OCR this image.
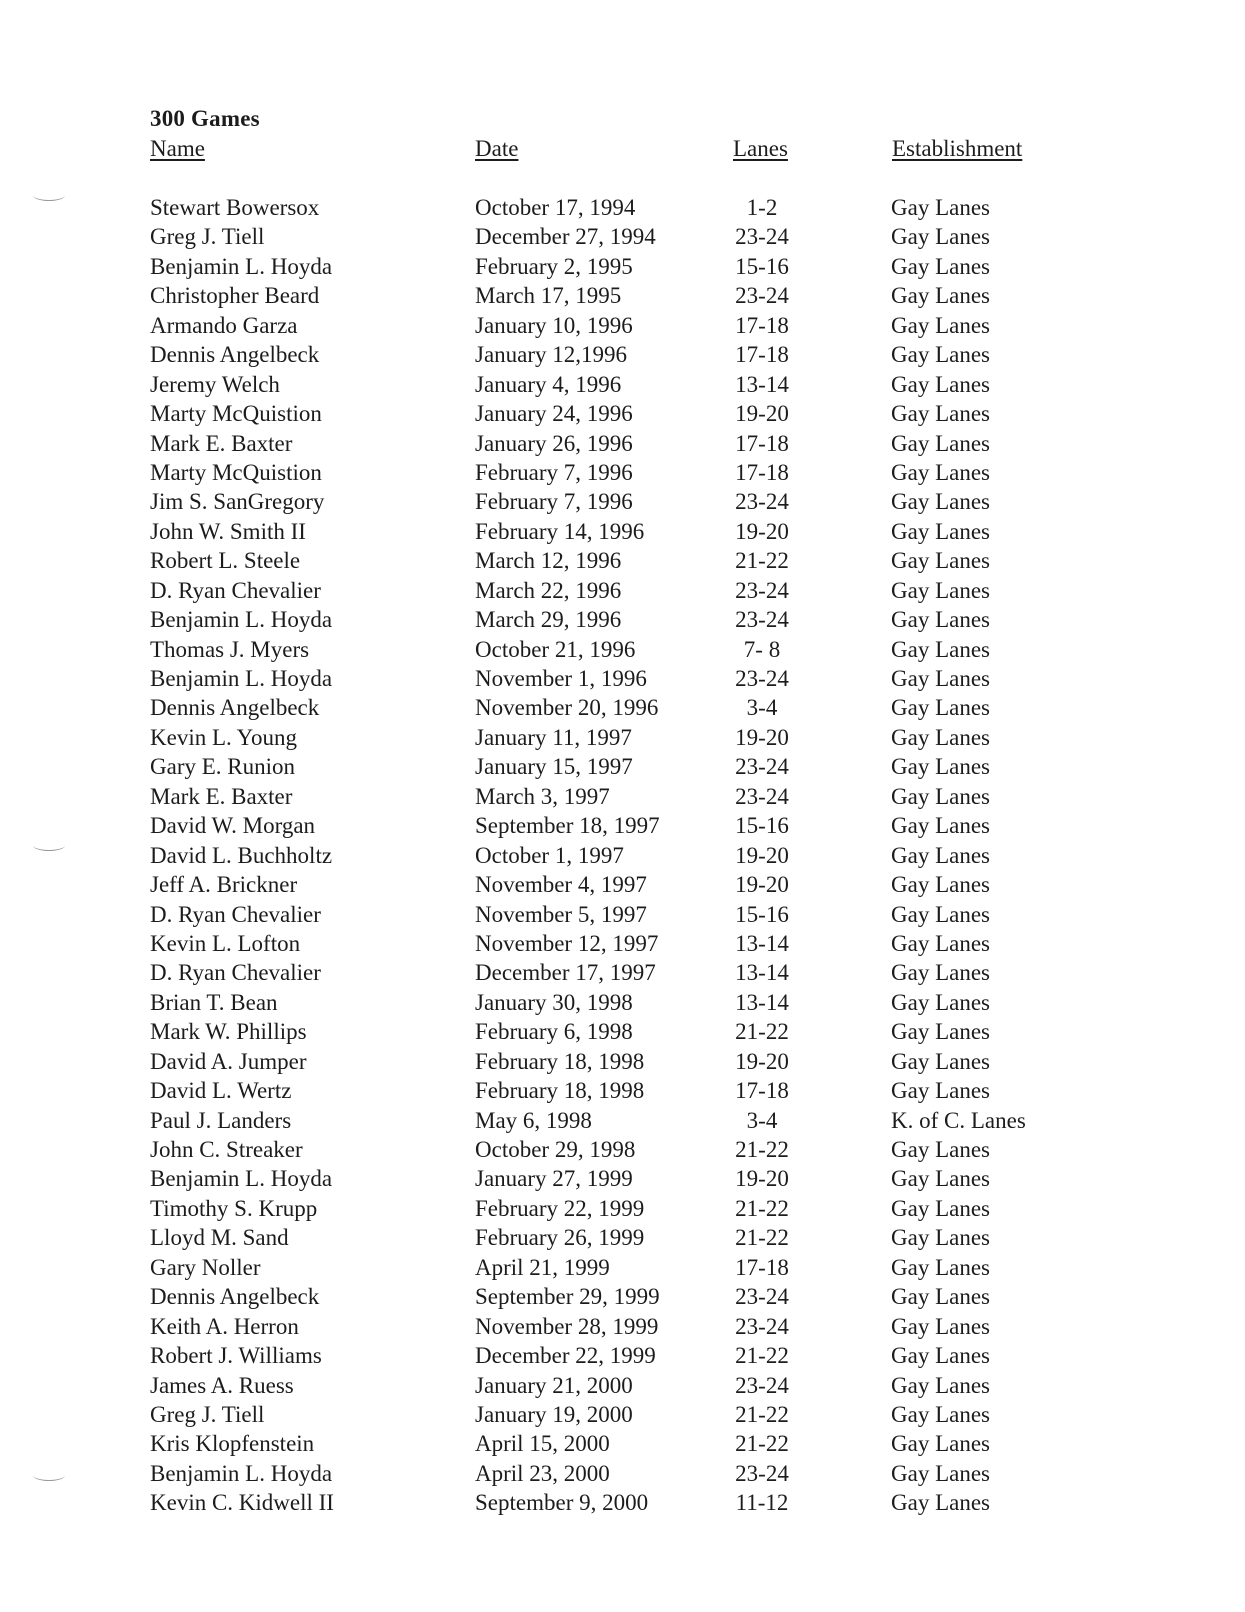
300 Games
Name	Date	Lanes	Establishment
Stewart Bowersox	October 17, 1994	1-2	Gay Lanes
Greg J. Tiell	December 27, 1994	23-24	Gay Lanes
Benjamin L. Hoyda	February 2, 1995	15-16	Gay Lanes
Christopher Beard	March 17, 1995	23-24	Gay Lanes
Armando Garza	January 10, 1996	17-18	Gay Lanes
Dennis Angelbeck	January 12,1996	17-18	Gay Lanes
Jeremy Welch	January 4, 1996	13-14	Gay Lanes
Marty McQuistion	January 24, 1996	19-20	Gay Lanes
Mark E. Baxter	January 26, 1996	17-18	Gay Lanes
Marty McQuistion	February 7, 1996	17-18	Gay Lanes
Jim S. SanGregory	February 7, 1996	23-24	Gay Lanes
John W. Smith II	February 14, 1996	19-20	Gay Lanes
Robert L. Steele	March 12, 1996	21-22	Gay Lanes
D. Ryan Chevalier	March 22, 1996	23-24	Gay Lanes
Benjamin L. Hoyda	March 29, 1996	23-24	Gay Lanes
Thomas J. Myers	October 21, 1996	7- 8	Gay Lanes
Benjamin L. Hoyda	November 1, 1996	23-24	Gay Lanes
Dennis Angelbeck	November 20, 1996	3-4	Gay Lanes
Kevin L. Young	January 11, 1997	19-20	Gay Lanes
Gary E. Runion	January 15, 1997	23-24	Gay Lanes
Mark E. Baxter	March 3, 1997	23-24	Gay Lanes
David W. Morgan	September 18, 1997	15-16	Gay Lanes
David L. Buchholtz	October 1, 1997	19-20	Gay Lanes
Jeff A. Brickner	November 4, 1997	19-20	Gay Lanes
D. Ryan Chevalier	November 5, 1997	15-16	Gay Lanes
Kevin L. Lofton	November 12, 1997	13-14	Gay Lanes
D. Ryan Chevalier	December 17, 1997	13-14	Gay Lanes
Brian T. Bean	January 30, 1998	13-14	Gay Lanes
Mark W. Phillips	February 6, 1998	21-22	Gay Lanes
David A. Jumper	February 18, 1998	19-20	Gay Lanes
David L. Wertz	February 18, 1998	17-18	Gay Lanes
Paul J. Landers	May 6, 1998	3-4	K. of C. Lanes
John C. Streaker	October 29, 1998	21-22	Gay Lanes
Benjamin L. Hoyda	January 27, 1999	19-20	Gay Lanes
Timothy S. Krupp	February 22, 1999	21-22	Gay Lanes
Lloyd M. Sand	February 26, 1999	21-22	Gay Lanes
Gary Noller	April 21, 1999	17-18	Gay Lanes
Dennis Angelbeck	September 29, 1999	23-24	Gay Lanes
Keith A. Herron	November 28, 1999	23-24	Gay Lanes
Robert J. Williams	December 22, 1999	21-22	Gay Lanes
James A. Ruess	January 21, 2000	23-24	Gay Lanes
Greg J. Tiell	January 19, 2000	21-22	Gay Lanes
Kris Klopfenstein	April 15, 2000	21-22	Gay Lanes
Benjamin L. Hoyda	April 23, 2000	23-24	Gay Lanes
Kevin C. Kidwell II	September 9, 2000	11-12	Gay Lanes
